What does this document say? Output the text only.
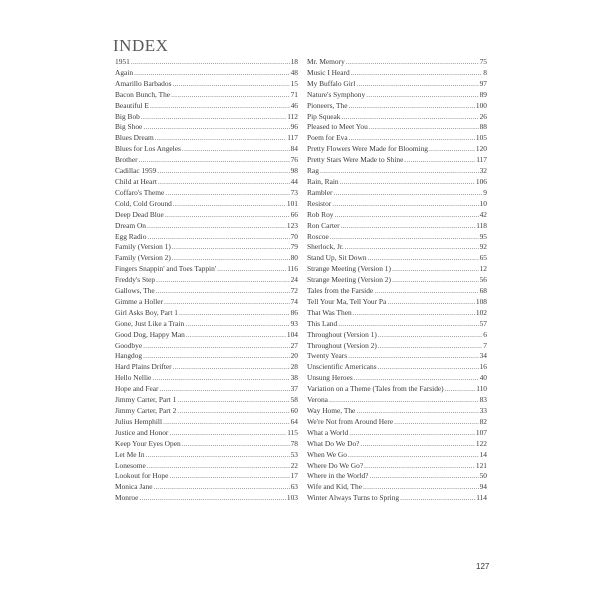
INDEX
1951 .....	18
Again .....	48
Amarillo Barbados .....	15
Bacon Bunch, The .....	71
Beautiful E .....	46
Big Bob .....	112
Big Shoe .....	96
Blues Dream .....	117
Blues for Los Angeles .....	84
Brother .....	76
Cadillac 1959 .....	98
Child at Heart .....	44
Coffaro's Theme .....	73
Cold, Cold Ground .....	101
Deep Dead Blue .....	66
Dream On .....	123
Egg Radio .....	70
Family (Version 1) .....	79
Family (Version 2) .....	80
Fingers Snappin' and Toes Tappin' .....	116
Freddy's Step .....	24
Gallows, The .....	72
Gimme a Holler .....	74
Girl Asks Boy, Part 1 .....	86
Gone, Just Like a Train .....	93
Good Dog, Happy Man .....	104
Goodbye .....	27
Hangdog .....	20
Hard Plains Drifter .....	28
Hello Nellie .....	38
Hope and Fear .....	37
Jimmy Carter, Part 1 .....	58
Jimmy Carter, Part 2 .....	60
Julius Hemphill .....	64
Justice and Honor .....	115
Keep Your Eyes Open .....	78
Let Me In .....	53
Lonesome .....	22
Lookout for Hope .....	17
Monica Jane .....	63
Monroe .....	103
Mr. Memory .....	75
Music I Heard .....	8
My Buffalo Girl .....	97
Nature's Symphony .....	89
Pioneers, The .....	100
Pip Squeak .....	26
Pleased to Meet You .....	88
Poem for Eva .....	105
Pretty Flowers Were Made for Blooming .....	120
Pretty Stars Were Made to Shine .....	117
Rag .....	32
Rain, Rain .....	106
Rambler .....	9
Resistor .....	10
Rob Roy .....	42
Ron Carter .....	118
Roscoe .....	95
Sherlock, Jr. .....	92
Stand Up, Sit Down .....	65
Strange Meeting (Version 1) .....	12
Strange Meeting (Version 2) .....	56
Tales from the Farside .....	68
Tell Your Ma, Tell Your Pa .....	108
That Was Then .....	102
This Land .....	57
Throughout (Version 1) .....	6
Throughout (Version 2) .....	7
Twenty Years .....	34
Unscientific Americans .....	16
Unsung Heroes .....	40
Variation on a Theme (Tales from the Farside) .....	110
Verona .....	83
Way Home, The .....	33
We're Not from Around Here .....	82
What a World .....	107
What Do We Do? .....	122
When We Go .....	14
Where Do We Go? .....	121
Where in the World? .....	50
Wife and Kid, The .....	94
Winter Always Turns to Spring .....	114
127
